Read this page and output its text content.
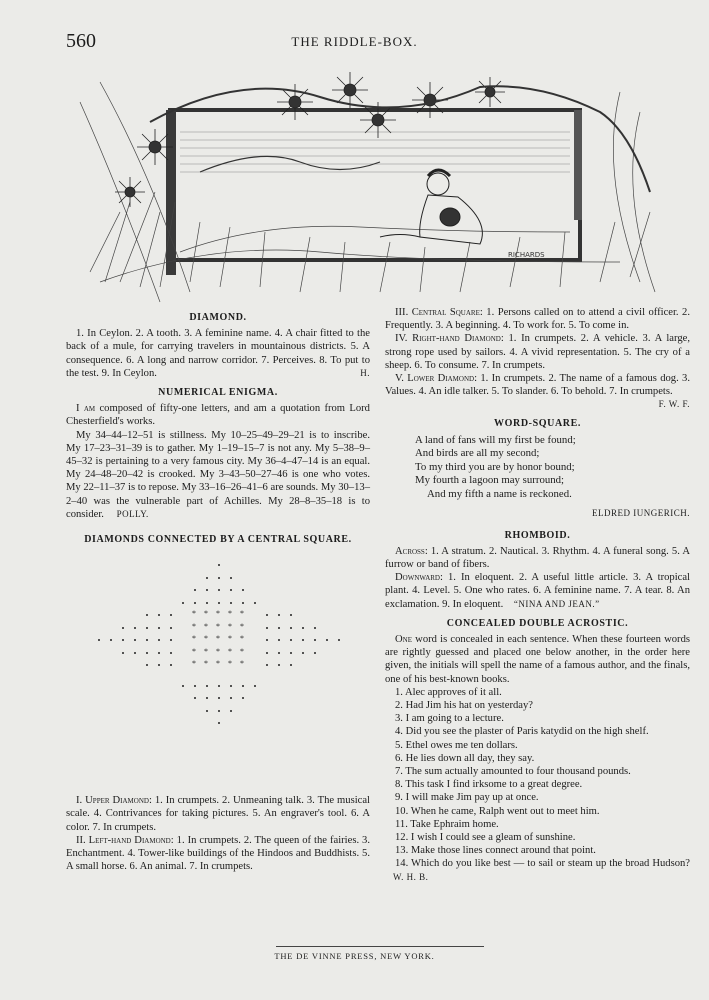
560	THE RIDDLE-BOX.
RICHARDS
DIAMOND.

1. In Ceylon. 2. A tooth. 3. A feminine name. 4. A chair fitted to the back of a mule, for carrying travelers in mountainous districts. 5. A consequence. 6. A long and narrow corridor. 7. Perceives. 8. To put to the test. 9. In Ceylon.	H.

NUMERICAL ENIGMA.

I am composed of fifty-one letters, and am a quotation from Lord Chesterfield's works.

My 34–44–12–51 is stillness. My 10–25–49–29–21 is to inscribe. My 17–23–31–39 is to gather. My 1–19–15–7 is not any. My 5–38–9–45–32 is pertaining to a very famous city. My 36–4–47–14 is an equal. My 24–48–20–42 is crooked. My 3–43–50–27–46 is one who votes. My 22–11–37 is to repose. My 33–16–26–41–6 are sounds. My 30–13–2–40 was the vulnerable part of Achilles. My 28–8–35–18 is to consider. POLLY.

DIAMONDS CONNECTED BY A CENTRAL SQUARE.
* * * * *
* * * * *
* * * * *
* * * * *
* * * * *

I. Upper Diamond: 1. In crumpets. 2. Unmeaning talk. 3. The musical scale. 4. Contrivances for taking pictures. 5. An engraver's tool. 6. A color. 7. In crumpets.

II. Left-hand Diamond: 1. In crumpets. 2. The queen of the fairies. 3. Enchantment. 4. Tower-like buildings of the Hindoos and Buddhists. 5. A small horse. 6. An animal. 7. In crumpets.

III. Central Square: 1. Persons called on to attend a civil officer. 2. Frequently. 3. A beginning. 4. To work for. 5. To come in.

IV. Right-hand Diamond: 1. In crumpets. 2. A vehicle. 3. A large, strong rope used by sailors. 4. A vivid representation. 5. The cry of a sheep. 6. To consume. 7. In crumpets.

V. Lower Diamond: 1. In crumpets. 2. The name of a famous dog. 3. Values. 4. An idle talker. 5. To slander. 6. To behold. 7. In crumpets.

F. W. F.
WORD-SQUARE.
A land of fans will my first be found;
And birds are all my second;
To my third you are by honor bound;
My fourth a lagoon may surround;
And my fifth a name is reckoned.
ELDRED IUNGERICH.
RHOMBOID.

Across: 1. A stratum. 2. Nautical. 3. Rhythm. 4. A funeral song. 5. A furrow or band of fibers.

Downward: 1. In eloquent. 2. A useful little article. 3. A tropical plant. 4. Level. 5. One who rates. 6. A feminine name. 7. A tear. 8. An exclamation. 9. In eloquent. “NINA AND JEAN.”

CONCEALED DOUBLE ACROSTIC.

One word is concealed in each sentence. When these fourteen words are rightly guessed and placed one below another, in the order here given, the initials will spell the name of a famous author, and the finals, one of his best-known books.

1. Alec approves of it all.

2. Had Jim his hat on yesterday?

3. I am going to a lecture.

4. Did you see the plaster of Paris katydid on the high shelf.

5. Ethel owes me ten dollars.

6. He lies down all day, they say.

7. The sum actually amounted to four thousand pounds.

8. This task I find irksome to a great degree.

9. I will make Jim pay up at once.

10. When he came, Ralph went out to meet him.

11. Take Ephraim home.

12. I wish I could see a gleam of sunshine.

13. Make those lines connect around that point.

14. Which do you like best — to sail or steam up the broad Hudson? W. H. B.

THE DE VINNE PRESS, NEW YORK.
